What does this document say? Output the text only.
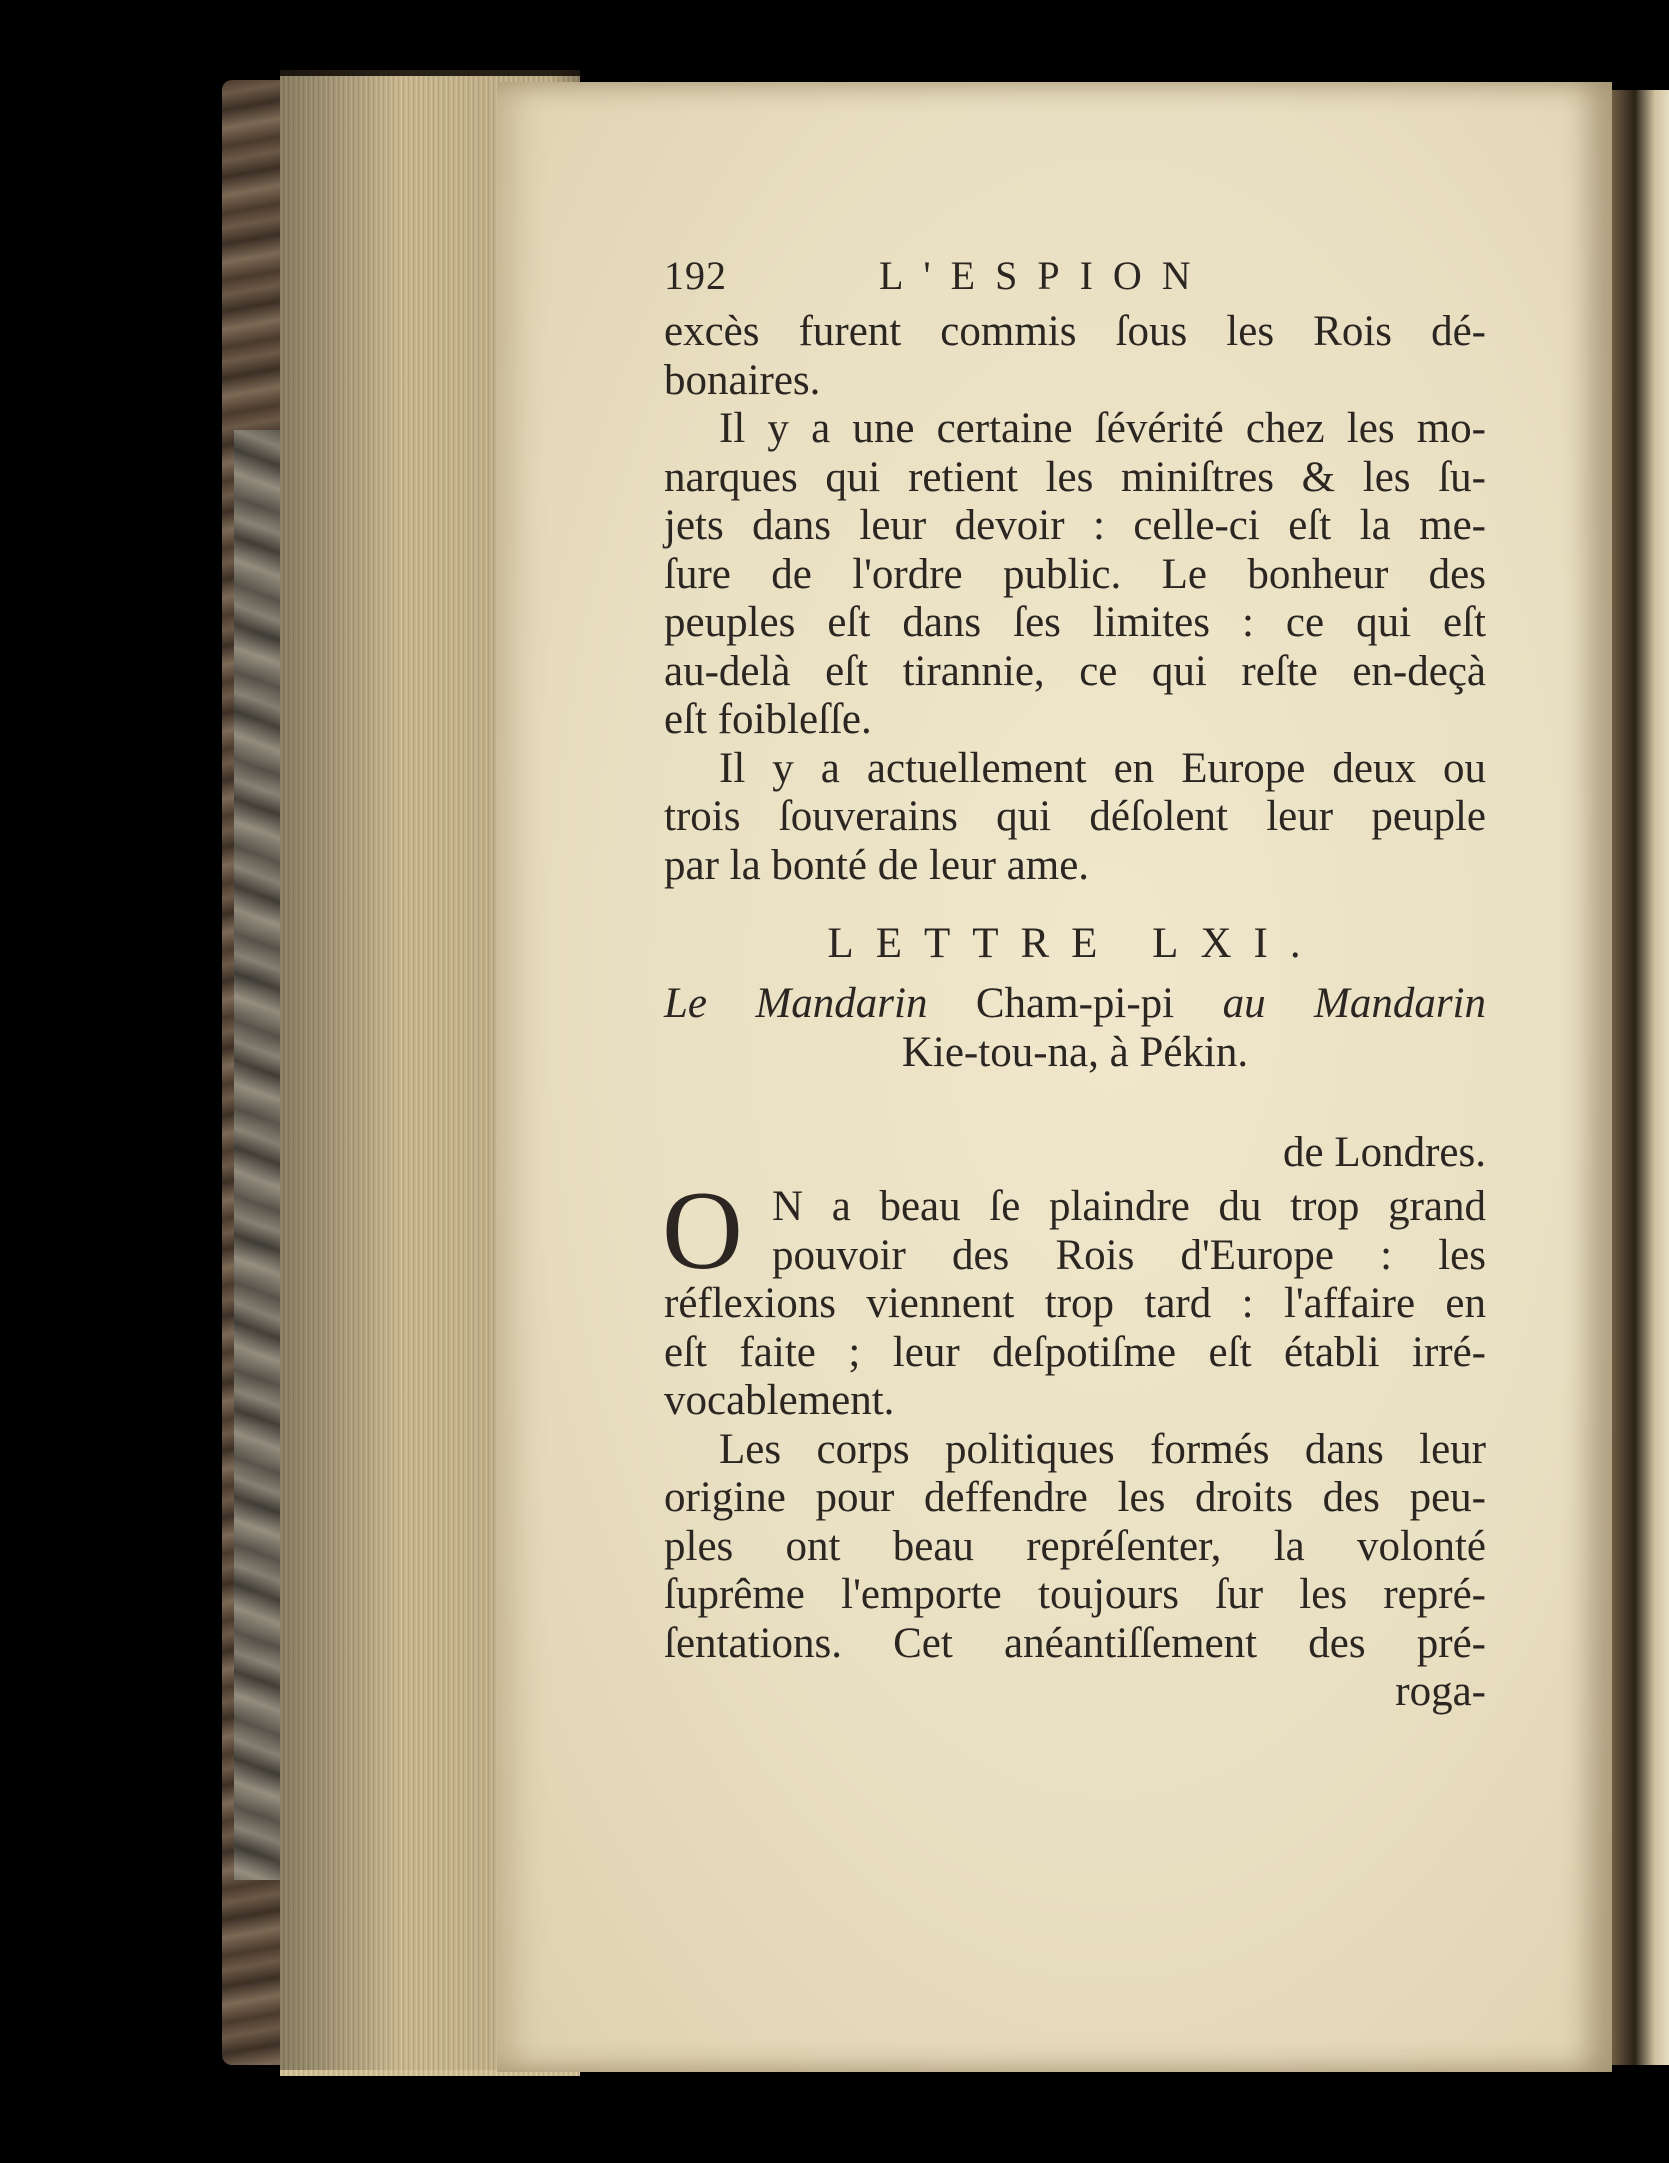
192	L'ESPION
excès furent commis ſous les Rois dé-
bonaires.
Il y a une certaine ſévérité chez les mo-
narques qui retient les miniſtres & les ſu-
jets dans leur devoir : celle-ci eſt la me-
ſure de l'ordre public. Le bonheur des
peuples eſt dans ſes limites : ce qui eſt
au-delà eſt tirannie, ce qui reſte en-deçà
eſt foibleſſe.
Il y a actuellement en Europe deux ou
trois ſouverains qui déſolent leur peuple
par la bonté de leur ame.
LETTRE LXI.
Le Mandarin Cham-pi-pi au Mandarin
Kie-tou-na, à Pékin.
de Londres.
O N a beau ſe plaindre du trop grand
pouvoir des Rois d'Europe : les
réflexions viennent trop tard : l'affaire en
eſt faite ; leur deſpotiſme eſt établi irré-
vocablement.
Les corps politiques formés dans leur
origine pour deffendre les droits des peu-
ples ont beau repréſenter, la volonté
ſuprême l'emporte toujours ſur les repré-
ſentations. Cet anéantiſſement des pré-
roga-
